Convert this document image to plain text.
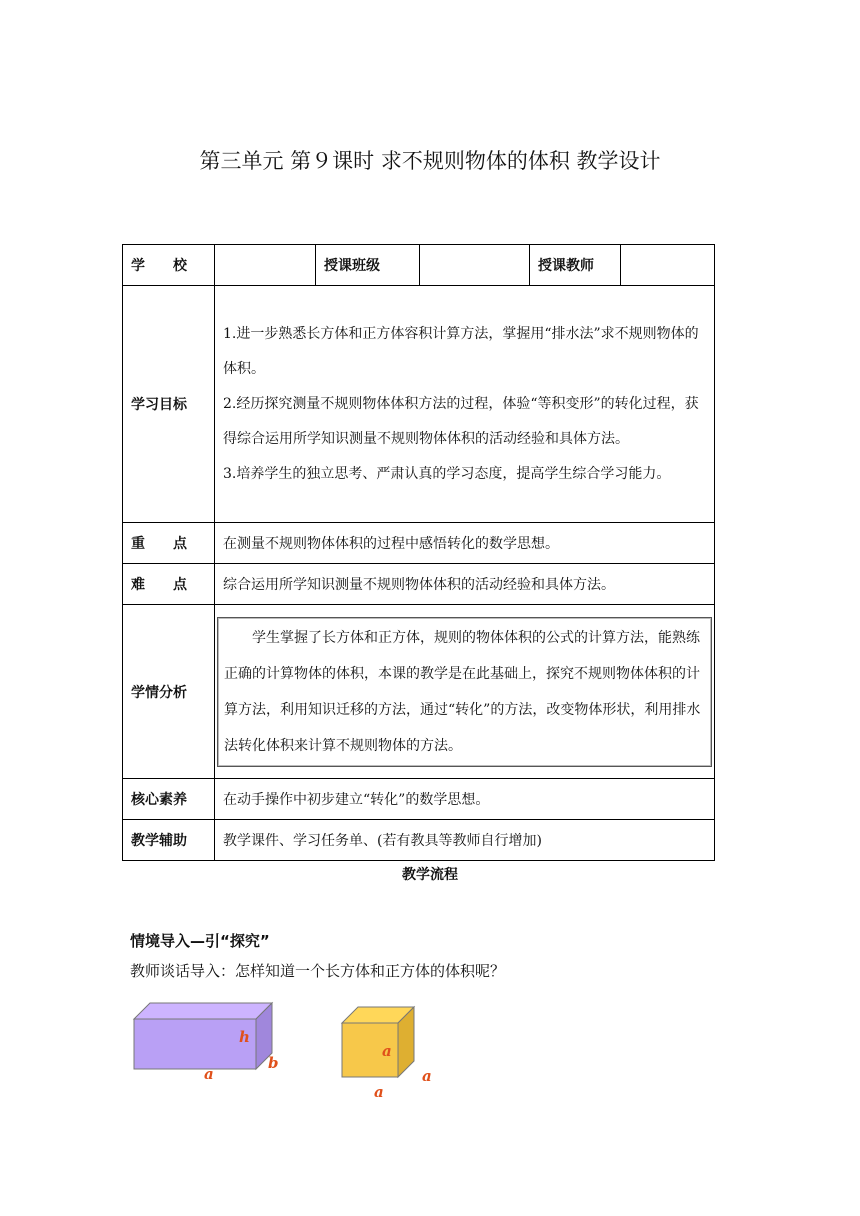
第三单元 第９课时 求不规则物体的体积 教学设计
学　　校		授课班级		授课教师	
学习目标	1.进一步熟悉长方体和正方体容积计算方法，掌握用“排水法”求不规则物体的体积。

2.经历探究测量不规则物体体积方法的过程，体验“等积变形”的转化过程，获得综合运用所学知识测量不规则物体体积的活动经验和具体方法。

3.培养学生的独立思考、严肃认真的学习态度，提高学生综合学习能力。				

重　　点	在测量不规则物体体积的过程中感悟转化的数学思想。				
难　　点	综合运用所学知识测量不规则物体体积的活动经验和具体方法。				
学情分析	学生掌握了长方体和正方体，规则的物体体积的公式的计算方法，能熟练正确的计算物体的体积，本课的教学是在此基础上，探究不规则物体体积的计算方法，利用知识迁移的方法，通过“转化”的方法，改变物体形状，利用排水法转化体积来计算不规则物体的方法。				

核心素养	在动手操作中初步建立“转化”的数学思想。				
教学辅助	教学课件、学习任务单、(若有教具等教师自行增加)				
教学流程
情境导入—引“探究”
教师谈话导入：怎样知道一个长方体和正方体的体积呢？
h
b
a
a
a
a
